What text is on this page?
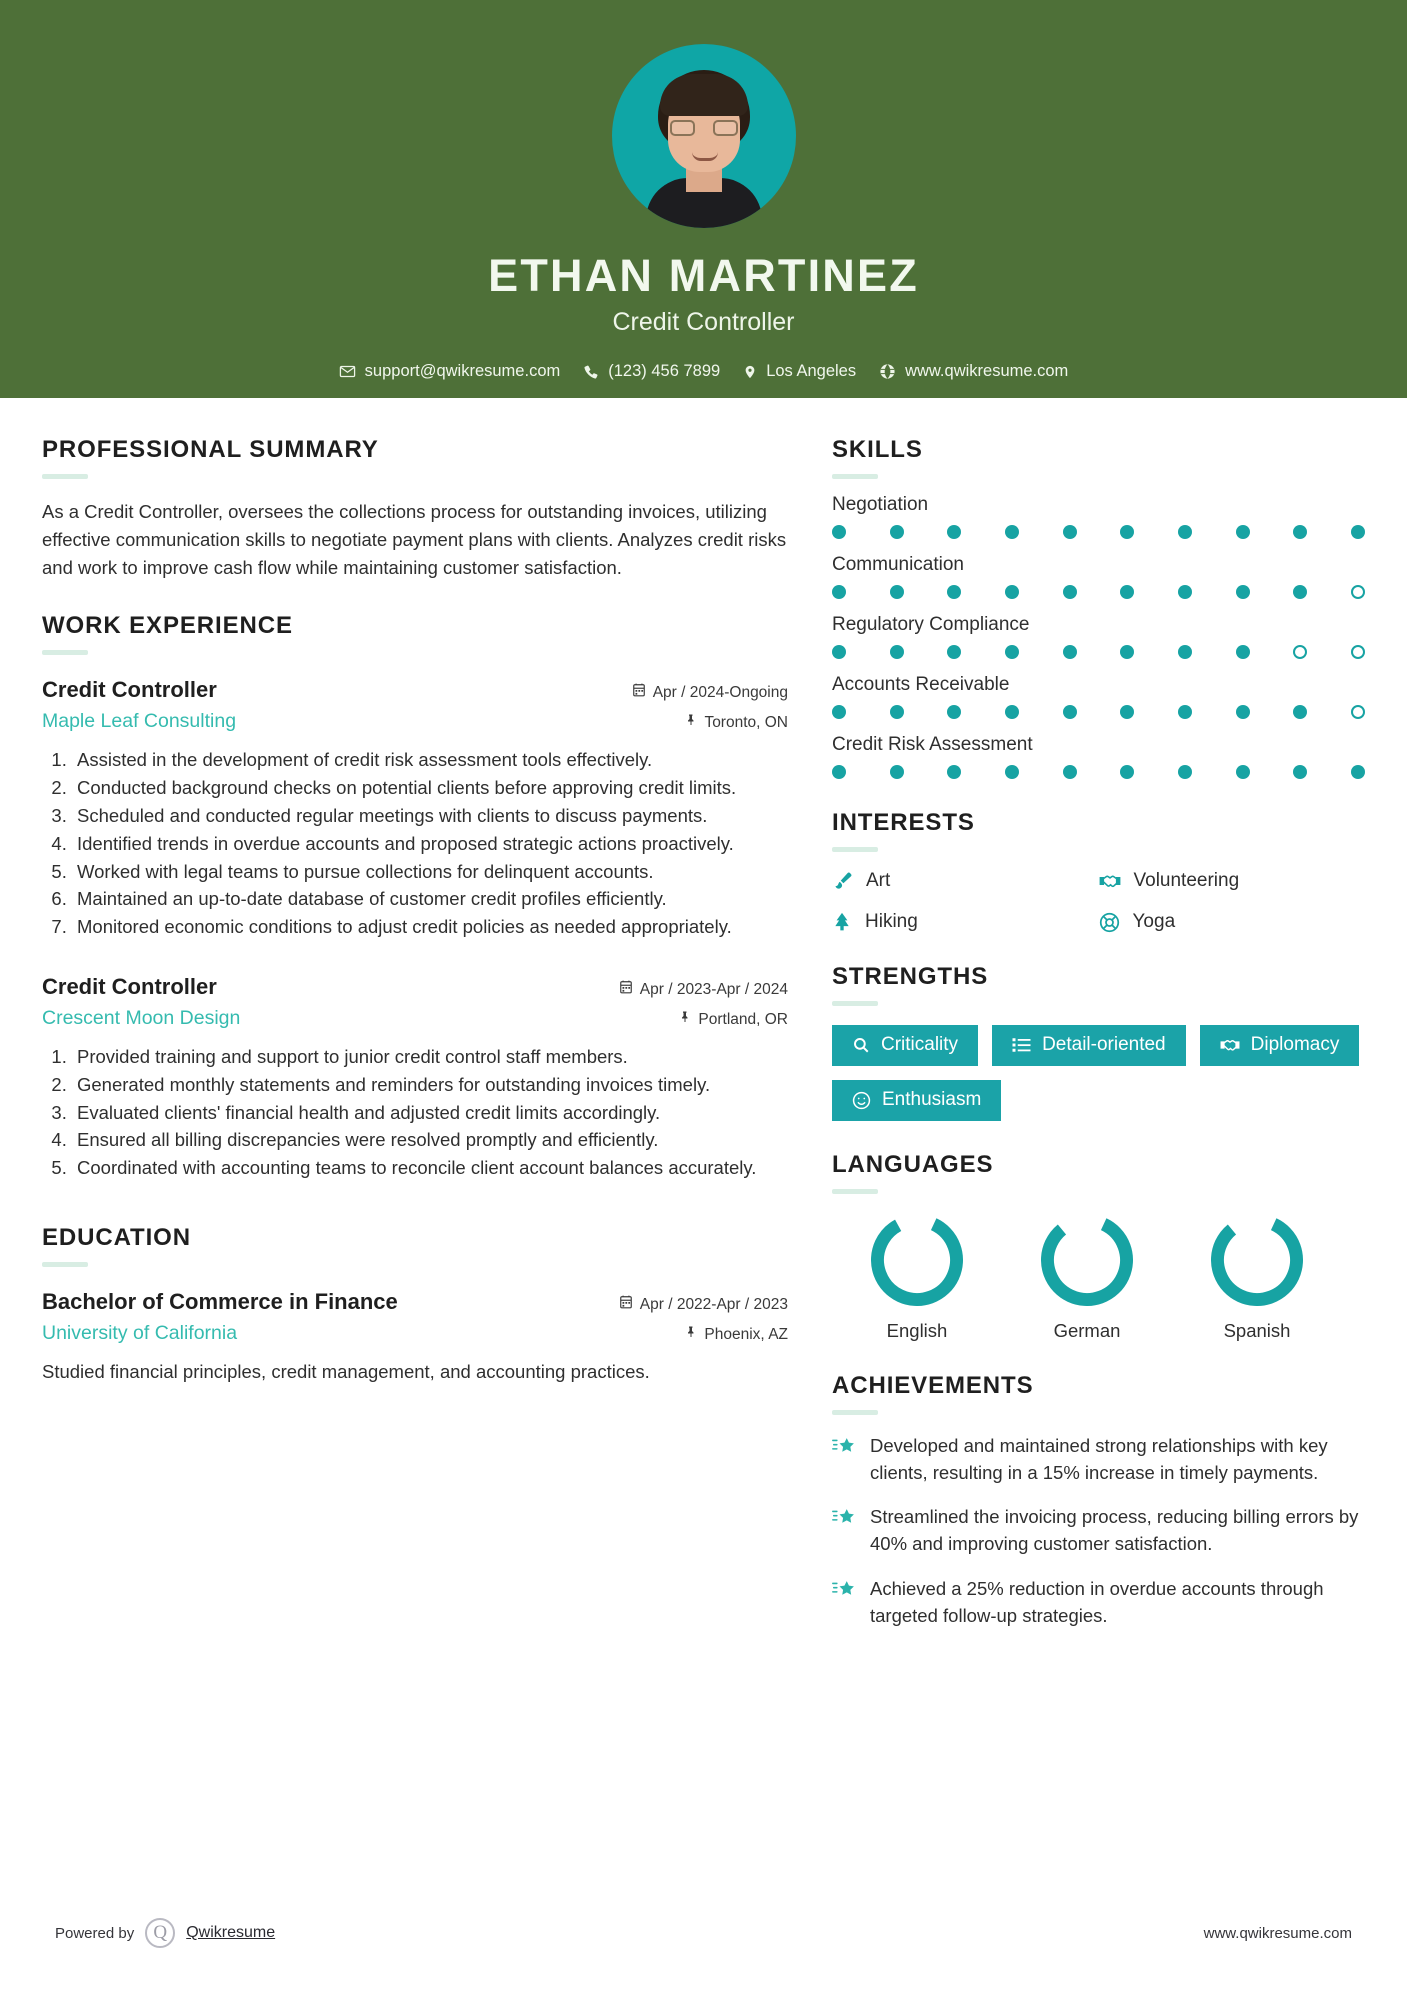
ETHAN MARTINEZ
Credit Controller
support@qwikresume.com	(123) 456 7899	Los Angeles	www.qwikresume.com
PROFESSIONAL SUMMARY
As a Credit Controller, oversees the collections process for outstanding invoices, utilizing effective communication skills to negotiate payment plans with clients. Analyzes credit risks and work to improve cash flow while maintaining customer satisfaction.
WORK EXPERIENCE
Credit Controller	Apr / 2024-Ongoing
Maple Leaf Consulting	Toronto, ON
1. Assisted in the development of credit risk assessment tools effectively.
2. Conducted background checks on potential clients before approving credit limits.
3. Scheduled and conducted regular meetings with clients to discuss payments.
4. Identified trends in overdue accounts and proposed strategic actions proactively.
5. Worked with legal teams to pursue collections for delinquent accounts.
6. Maintained an up-to-date database of customer credit profiles efficiently.
7. Monitored economic conditions to adjust credit policies as needed appropriately.
Credit Controller	Apr / 2023-Apr / 2024
Crescent Moon Design	Portland, OR
1. Provided training and support to junior credit control staff members.
2. Generated monthly statements and reminders for outstanding invoices timely.
3. Evaluated clients' financial health and adjusted credit limits accordingly.
4. Ensured all billing discrepancies were resolved promptly and efficiently.
5. Coordinated with accounting teams to reconcile client account balances accurately.
EDUCATION
Bachelor of Commerce in Finance	Apr / 2022-Apr / 2023
University of California	Phoenix, AZ
Studied financial principles, credit management, and accounting practices.
SKILLS
Negotiation
Communication
Regulatory Compliance
Accounts Receivable
Credit Risk Assessment
INTERESTS
Art	Volunteering
Hiking	Yoga
STRENGTHS
Criticality	Detail-oriented	Diplomacy
Enthusiasm
LANGUAGES
English	German	Spanish
ACHIEVEMENTS
Developed and maintained strong relationships with key clients, resulting in a 15% increase in timely payments.
Streamlined the invoicing process, reducing billing errors by 40% and improving customer satisfaction.
Achieved a 25% reduction in overdue accounts through targeted follow-up strategies.
Powered by	Q	Qwikresume	www.qwikresume.com
